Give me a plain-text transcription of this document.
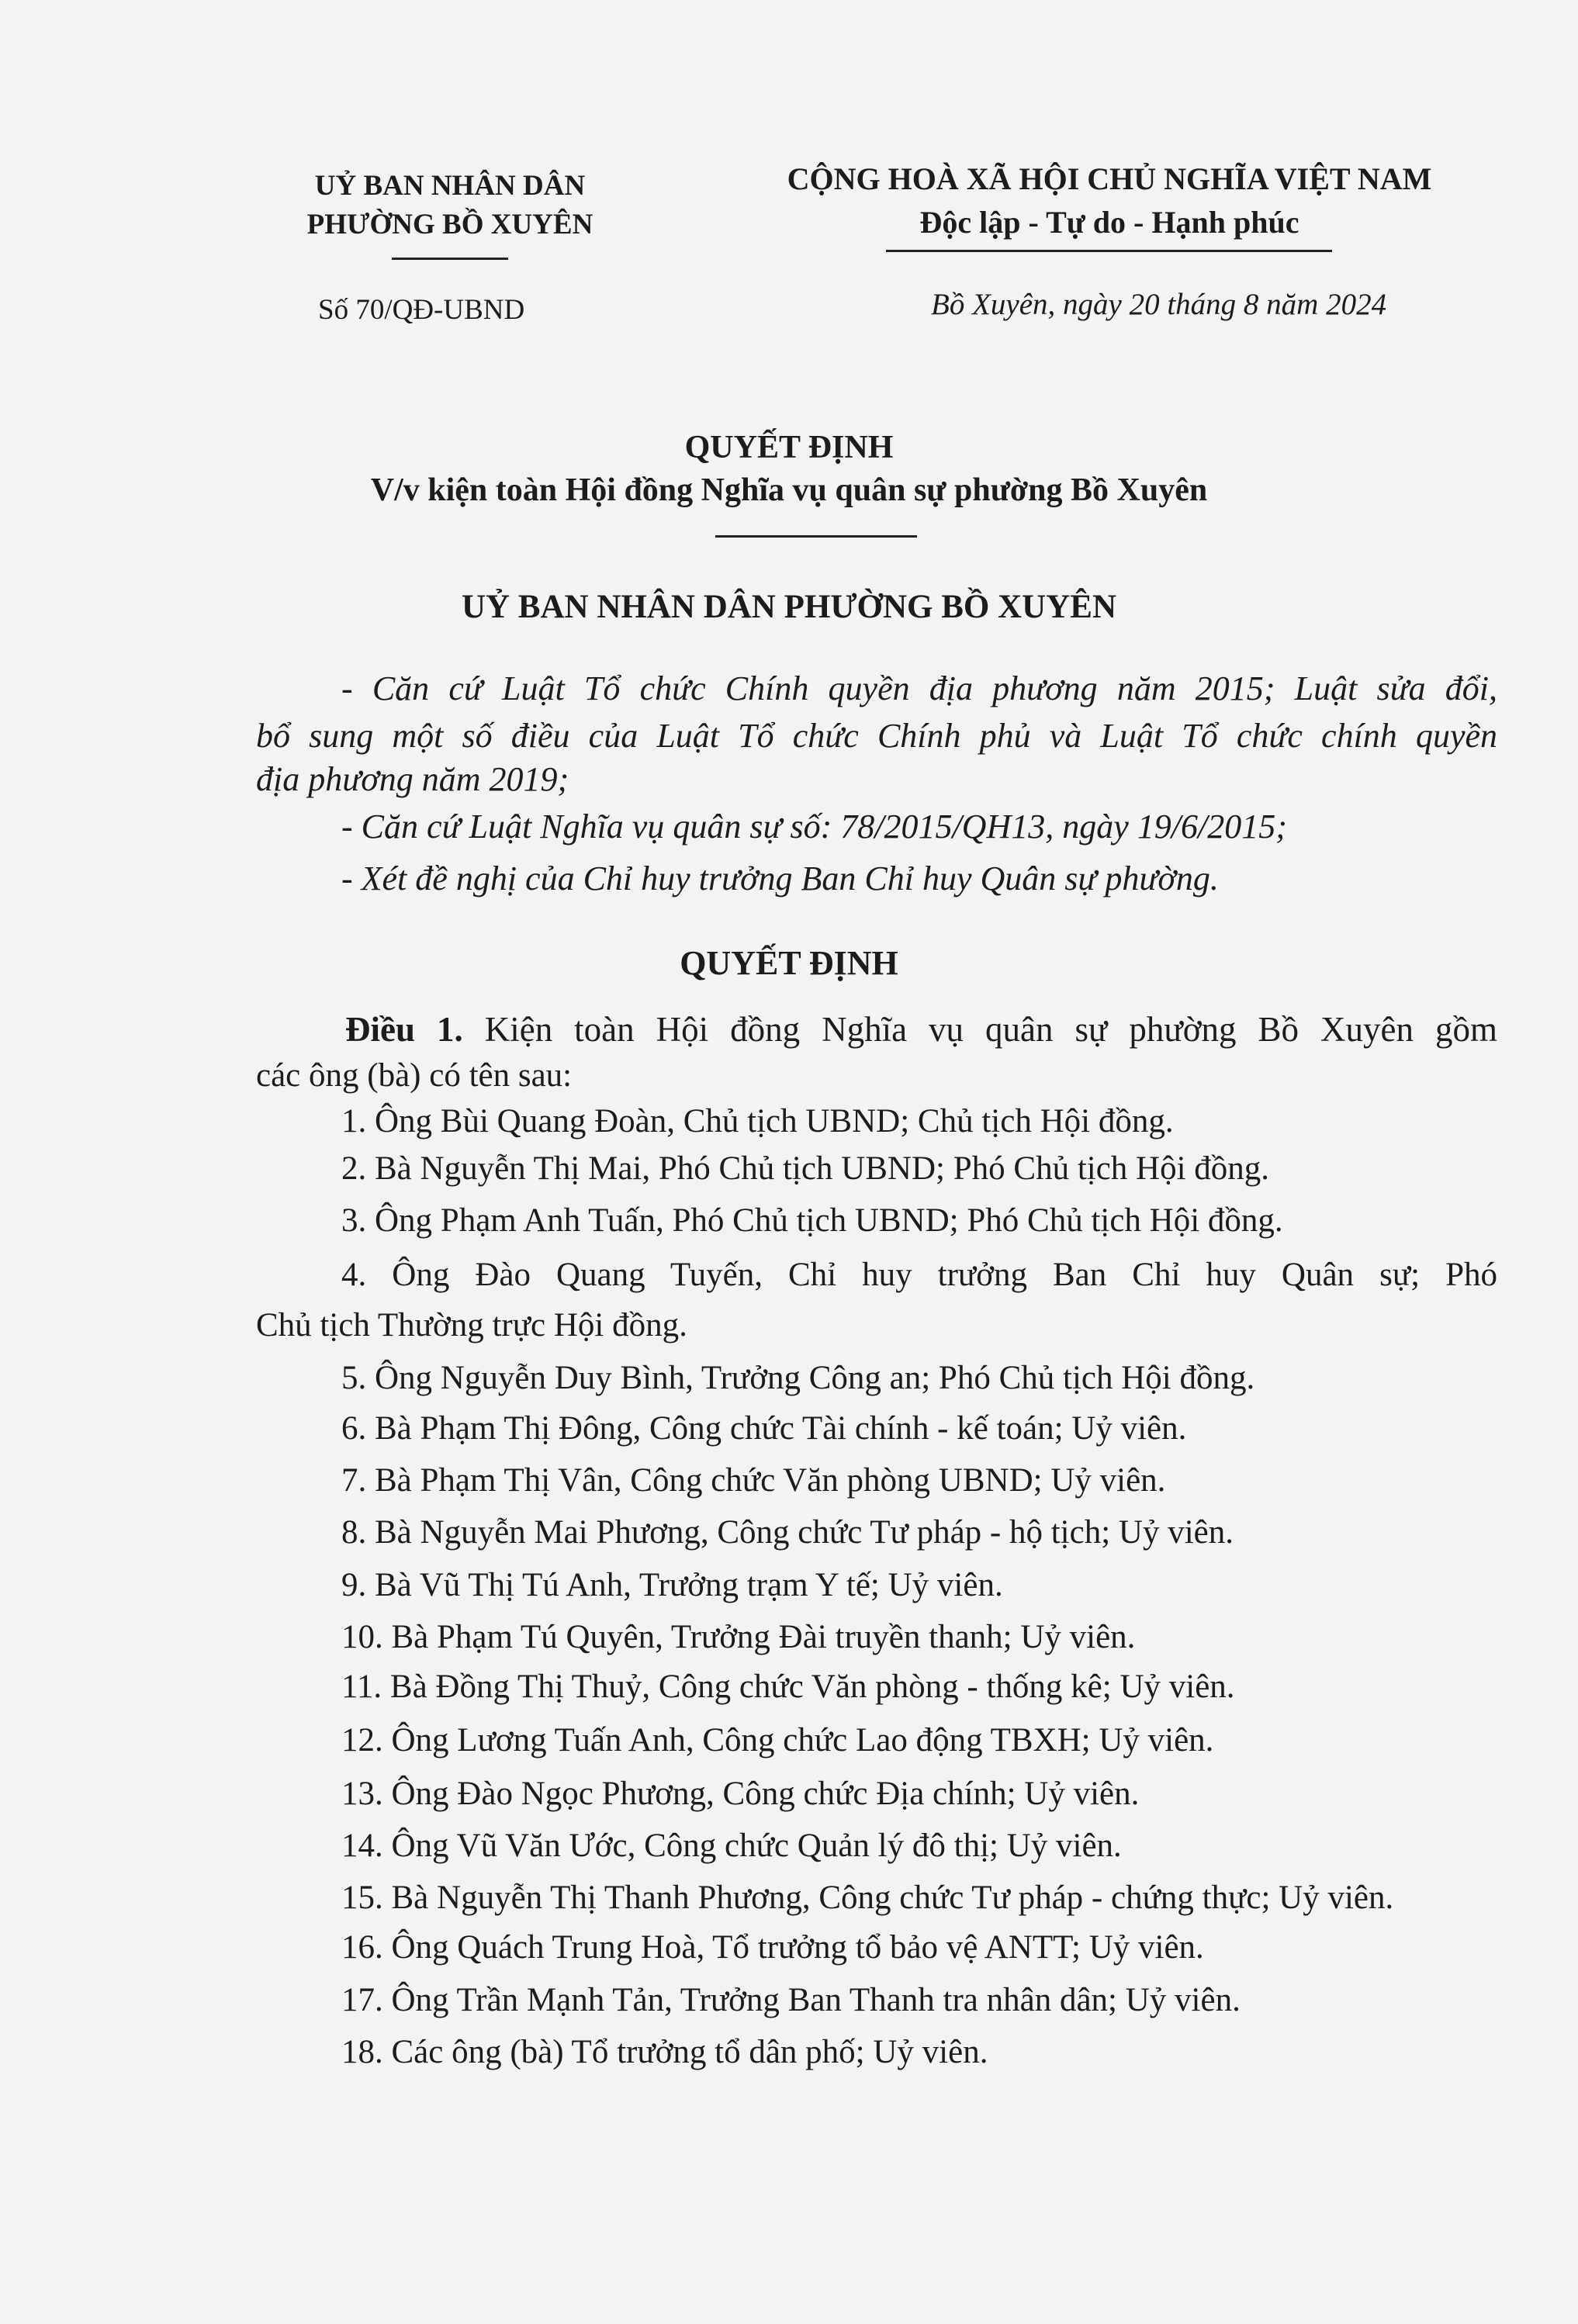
UỶ BAN NHÂN DÂN
PHƯỜNG BỒ XUYÊN
CỘNG HOÀ XÃ HỘI CHỦ NGHĨA VIỆT NAM
Độc lập - Tự do - Hạnh phúc
Số 70/QĐ-UBND	Bồ Xuyên, ngày 20 tháng 8 năm 2024
QUYẾT ĐỊNH
V/v kiện toàn Hội đồng Nghĩa vụ quân sự phường Bồ Xuyên
UỶ BAN NHÂN DÂN PHƯỜNG BỒ XUYÊN
- Căn cứ Luật Tổ chức Chính quyền địa phương năm 2015; Luật sửa đổi,
bổ sung một số điều của Luật Tổ chức Chính phủ và Luật Tổ chức chính quyền
địa phương năm 2019;
- Căn cứ Luật Nghĩa vụ quân sự số: 78/2015/QH13, ngày 19/6/2015;
- Xét đề nghị của Chỉ huy trưởng Ban Chỉ huy Quân sự phường.
QUYẾT ĐỊNH
Điều 1. Kiện toàn Hội đồng Nghĩa vụ quân sự phường Bồ Xuyên gồm
các ông (bà) có tên sau:
1. Ông Bùi Quang Đoàn, Chủ tịch UBND; Chủ tịch Hội đồng.
2. Bà Nguyễn Thị Mai, Phó Chủ tịch UBND; Phó Chủ tịch Hội đồng.
3. Ông Phạm Anh Tuấn, Phó Chủ tịch UBND; Phó Chủ tịch Hội đồng.
4. Ông Đào Quang Tuyến, Chỉ huy trưởng Ban Chỉ huy Quân sự; Phó
Chủ tịch Thường trực Hội đồng.
5. Ông Nguyễn Duy Bình, Trưởng Công an; Phó Chủ tịch Hội đồng.
6. Bà Phạm Thị Đông, Công chức Tài chính - kế toán; Uỷ viên.
7. Bà Phạm Thị Vân, Công chức Văn phòng UBND; Uỷ viên.
8. Bà Nguyễn Mai Phương, Công chức Tư pháp - hộ tịch; Uỷ viên.
9. Bà Vũ Thị Tú Anh, Trưởng trạm Y tế; Uỷ viên.
10. Bà Phạm Tú Quyên, Trưởng Đài truyền thanh; Uỷ viên.
11. Bà Đồng Thị Thuỷ, Công chức Văn phòng - thống kê; Uỷ viên.
12. Ông Lương Tuấn Anh, Công chức Lao động TBXH; Uỷ viên.
13. Ông Đào Ngọc Phương, Công chức Địa chính; Uỷ viên.
14. Ông Vũ Văn Ước, Công chức Quản lý đô thị; Uỷ viên.
15. Bà Nguyễn Thị Thanh Phương, Công chức Tư pháp - chứng thực; Uỷ viên.
16. Ông Quách Trung Hoà, Tổ trưởng tổ bảo vệ ANTT; Uỷ viên.
17. Ông Trần Mạnh Tản, Trưởng Ban Thanh tra nhân dân; Uỷ viên.
18. Các ông (bà) Tổ trưởng tổ dân phố; Uỷ viên.
